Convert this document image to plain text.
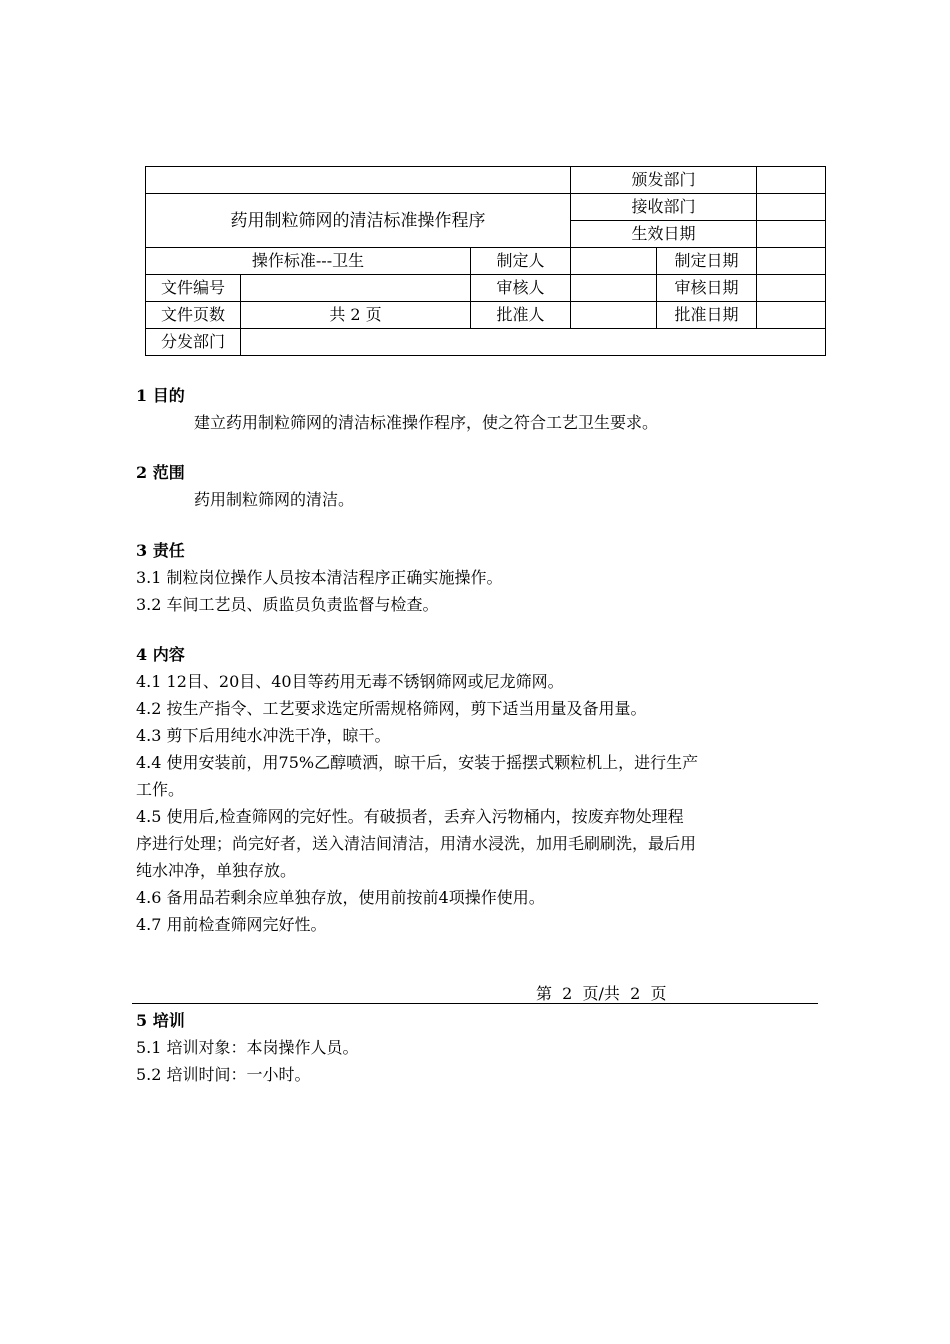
			颁发部门		
药用制粒筛网的清洁标准操作程序			接收部门		
			生效日期		
操作标准---卫生		制定人		制定日期	
文件编号		审核人		审核日期	
文件页数	共 2 页	批准人		批准日期	
分发部门					
1 目的
建立药用制粒筛网的清洁标准操作程序，使之符合工艺卫生要求。
2 范围
药用制粒筛网的清洁。
3 责任
3.1 制粒岗位操作人员按本清洁程序正确实施操作。
3.2 车间工艺员、质监员负责监督与检查。
4 内容
4.1 12目、20目、40目等药用无毒不锈钢筛网或尼龙筛网。
4.2 按生产指令、工艺要求选定所需规格筛网，剪下适当用量及备用量。
4.3 剪下后用纯水冲洗干净，晾干。
4.4 使用安装前，用75%乙醇喷洒，晾干后，安装于摇摆式颗粒机上，进行生产
工作。
4.5 使用后,检查筛网的完好性。有破损者，丢弃入污物桶内，按废弃物处理程
序进行处理；尚完好者，送入清洁间清洁，用清水浸洗，加用毛刷刷洗，最后用
纯水冲净，单独存放。
4.6 备用品若剩余应单独存放，使用前按前4项操作使用。
4.7 用前检查筛网完好性。
第  2  页/共  2  页
5 培训
5.1 培训对象：本岗操作人员。
5.2 培训时间：一小时。
